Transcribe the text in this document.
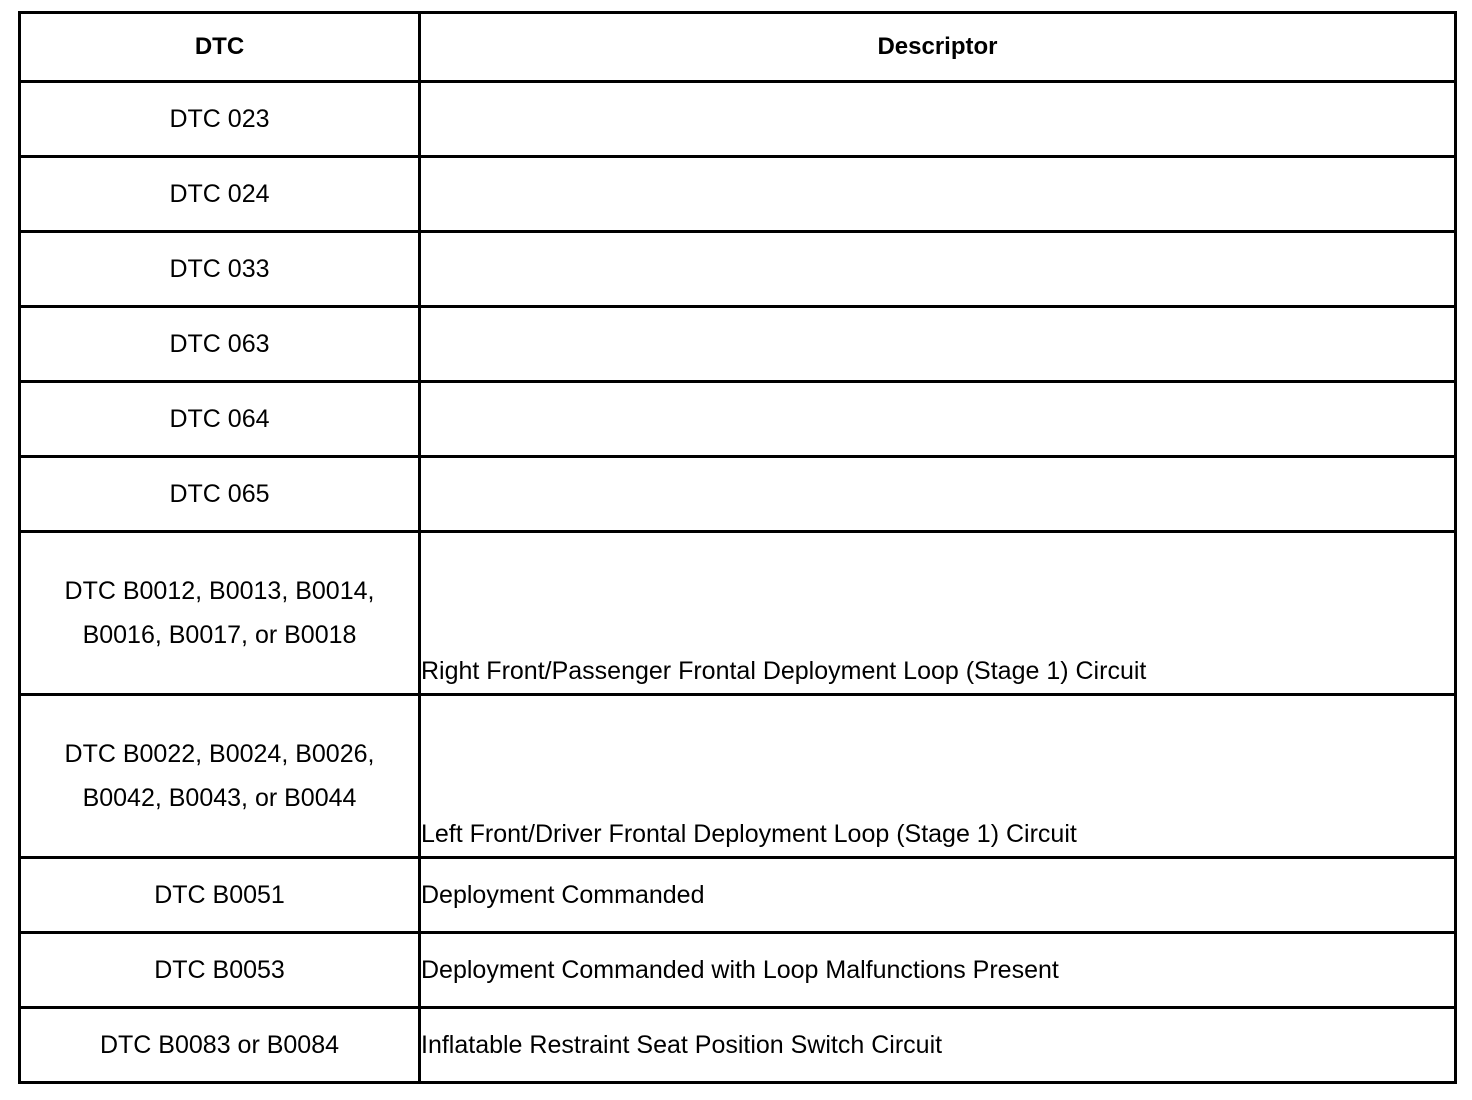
DTC	Descriptor
DTC 023	
DTC 024	
DTC 033	
DTC 063	
DTC 064	
DTC 065	
DTC B0012, B0013, B0014, B0016, B0017, or B0018	Right Front/Passenger Frontal Deployment Loop (Stage 1) Circuit
DTC B0022, B0024, B0026, B0042, B0043, or B0044	Left Front/Driver Frontal Deployment Loop (Stage 1) Circuit
DTC B0051	Deployment Commanded
DTC B0053	Deployment Commanded with Loop Malfunctions Present
DTC B0083 or B0084	Inflatable Restraint Seat Position Switch Circuit
